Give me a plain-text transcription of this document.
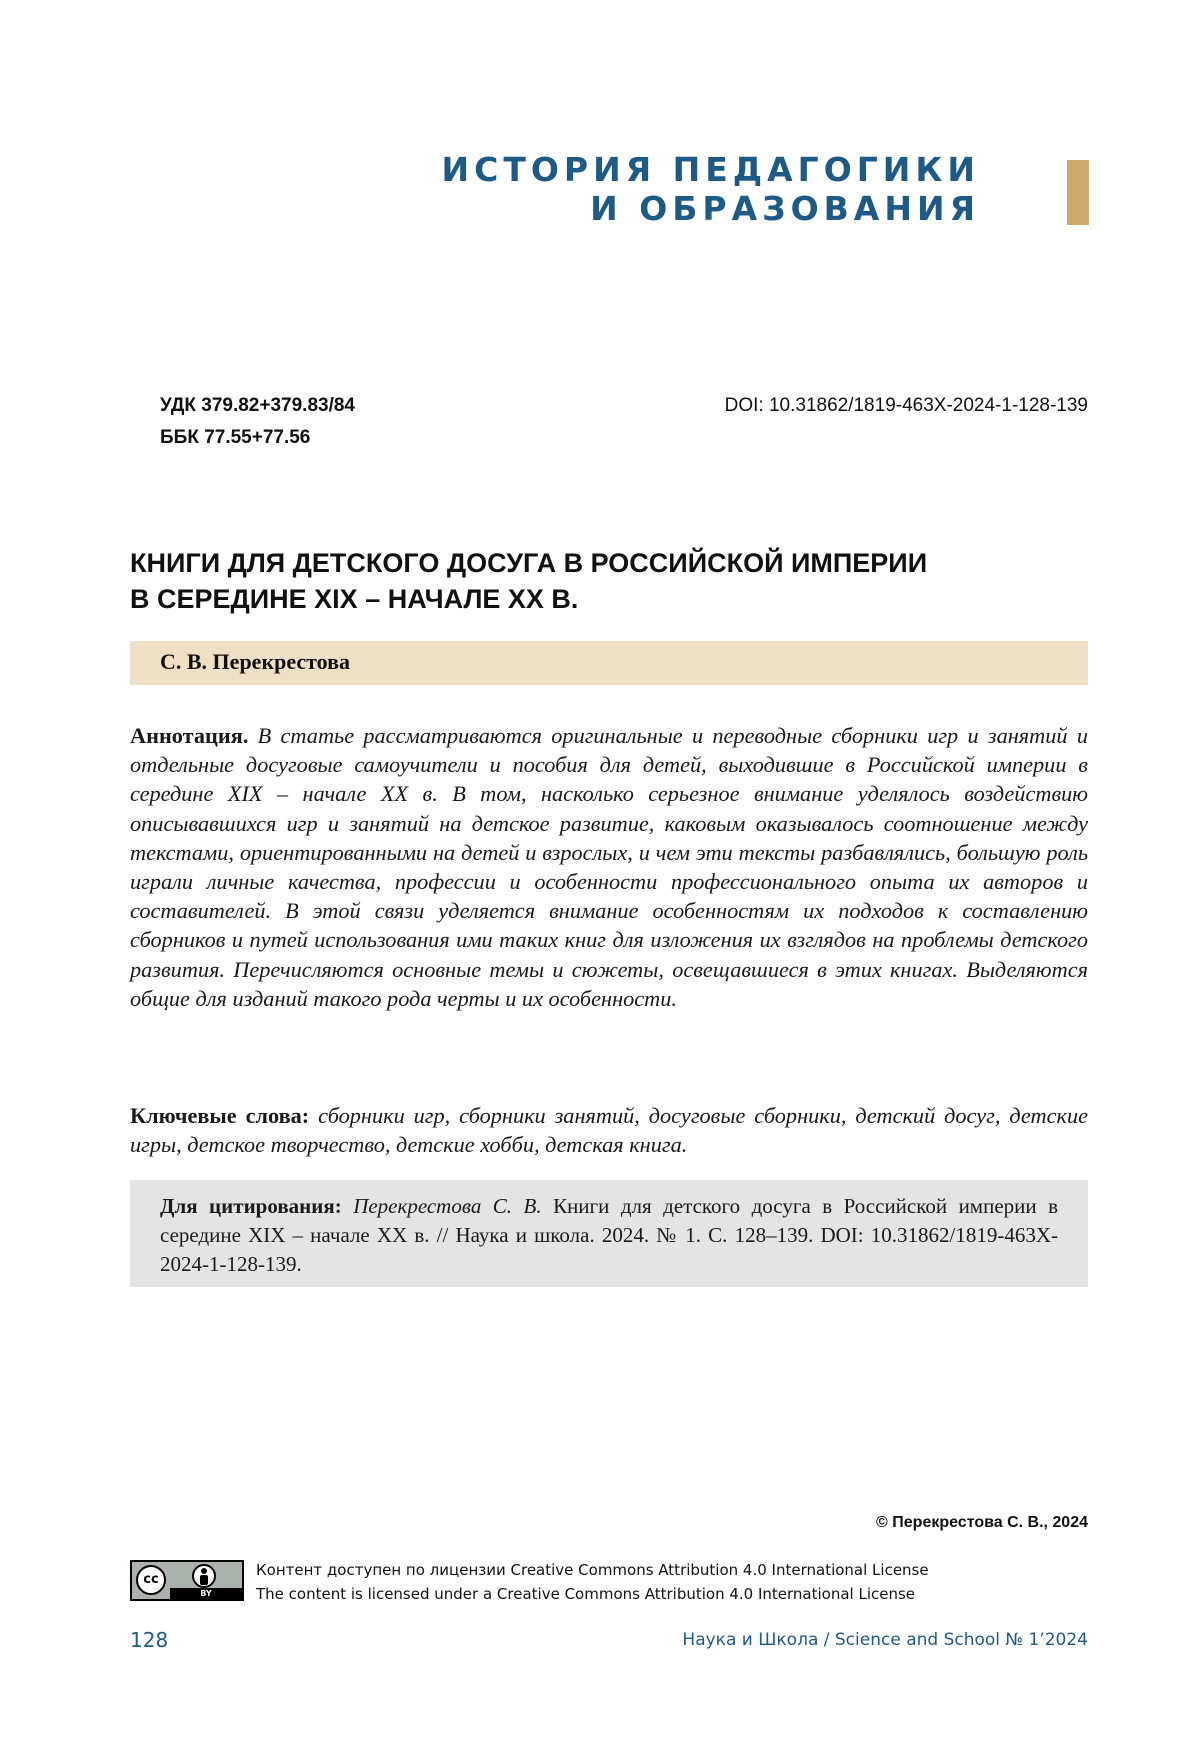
ИСТОРИЯ ПЕДАГОГИКИ
И ОБРАЗОВАНИЯ
УДК 379.82+379.83/84
ББК 77.55+77.56
DOI: 10.31862/1819-463X-2024-1-128-139
КНИГИ ДЛЯ ДЕТСКОГО ДОСУГА В РОССИЙСКОЙ ИМПЕРИИ
В СЕРЕДИНЕ XIX – НАЧАЛЕ XX В.
С. В. Перекрестова

Аннотация. В статье рассматриваются оригинальные и переводные сборники игр и занятий и отдельные досуговые самоучители и пособия для детей, выходившие в Российской империи в середине XIX – начале XX в. В том, насколько серьезное внимание уделялось воздействию описывавшихся игр и занятий на детское развитие, каковым оказывалось соотношение между текстами, ориентированными на детей и взрослых, и чем эти тексты разбавлялись, большую роль играли личные качества, профессии и особенности профессионального опыта их авторов и составителей. В этой связи уделяется внимание особенностям их подходов к составлению сборников и путей использования ими таких книг для изложения их взглядов на проблемы детского развития. Перечисляются основные темы и сюжеты, освещавшиеся в этих книгах. Выделяются общие для изданий такого рода черты и их особенности.

Ключевые слова: сборники игр, сборники занятий, досуговые сборники, детский досуг, детские игры, детское творчество, детские хобби, детская книга.

Для цитирования: Перекрестова С. В. Книги для детского досуга в Российской империи в середине XIX – начале XX в. // Наука и школа. 2024. № 1. С. 128–139. DOI: 10.31862/1819-463X-2024-1-128-139.

© Перекрестова С. В., 2024
cc
BY
Контент доступен по лицензии Creative Commons Attribution 4.0 International License
The content is licensed under a Creative Commons Attribution 4.0 International License
128	Наука и Школа / Science and School № 1’2024
